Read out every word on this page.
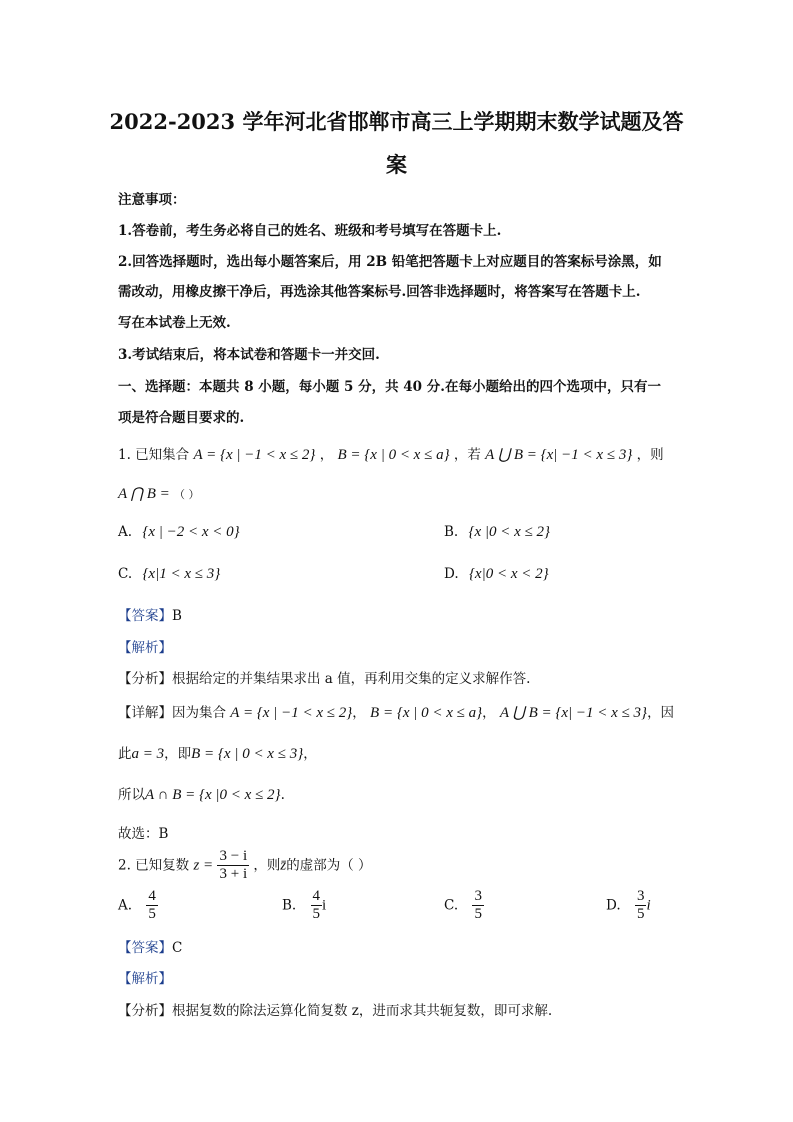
2022-2023 学年河北省邯郸市高三上学期期末数学试题及答
案
注意事项：
1.答卷前，考生务必将自己的姓名、班级和考号填写在答题卡上.
2.回答选择题时，选出每小题答案后，用 2B 铅笔把答题卡上对应题目的答案标号涂黑，如
需改动，用橡皮擦干净后，再选涂其他答案标号.回答非选择题时，将答案写在答题卡上.
写在本试卷上无效.
3.考试结束后，将本试卷和答题卡一并交回.
一、选择题：本题共 8 小题，每小题 5 分，共 40 分.在每小题给出的四个选项中，只有一
项是符合题目要求的.
1. 已知集合 A = {x | −1 < x ≤ 2} ， B = {x | 0 < x ≤ a} ，若 A ⋃ B = {x| −1 < x ≤ 3} ，则
A ⋂ B = （ ）
A. {x | −2 < x < 0}	B. {x |0 < x ≤ 2}
C. {x|1 < x ≤ 3}	D. {x|0 < x < 2}
【答案】B
【解析】
【分析】根据给定的并集结果求出 a 值，再利用交集的定义求解作答.
【详解】因为集合 A = {x | −1 < x ≤ 2}， B = {x | 0 < x ≤ a}， A ⋃ B = {x| −1 < x ≤ 3}，因
此a = 3，即B = {x | 0 < x ≤ 3}，
所以A ∩ B = {x |0 < x ≤ 2}.
故选：B
2. 已知复数 $z = \frac{3 - i}{3 + i}$ ，则z̄的虚部为（ ）
A. $\frac{4}{5}$	B. $\frac{4}{5}$ i	C. $\frac{3}{5}$	D. $\frac{3}{5}$ i
【答案】C
【解析】
【分析】根据复数的除法运算化简复数 z，进而求其共轭复数，即可求解.
